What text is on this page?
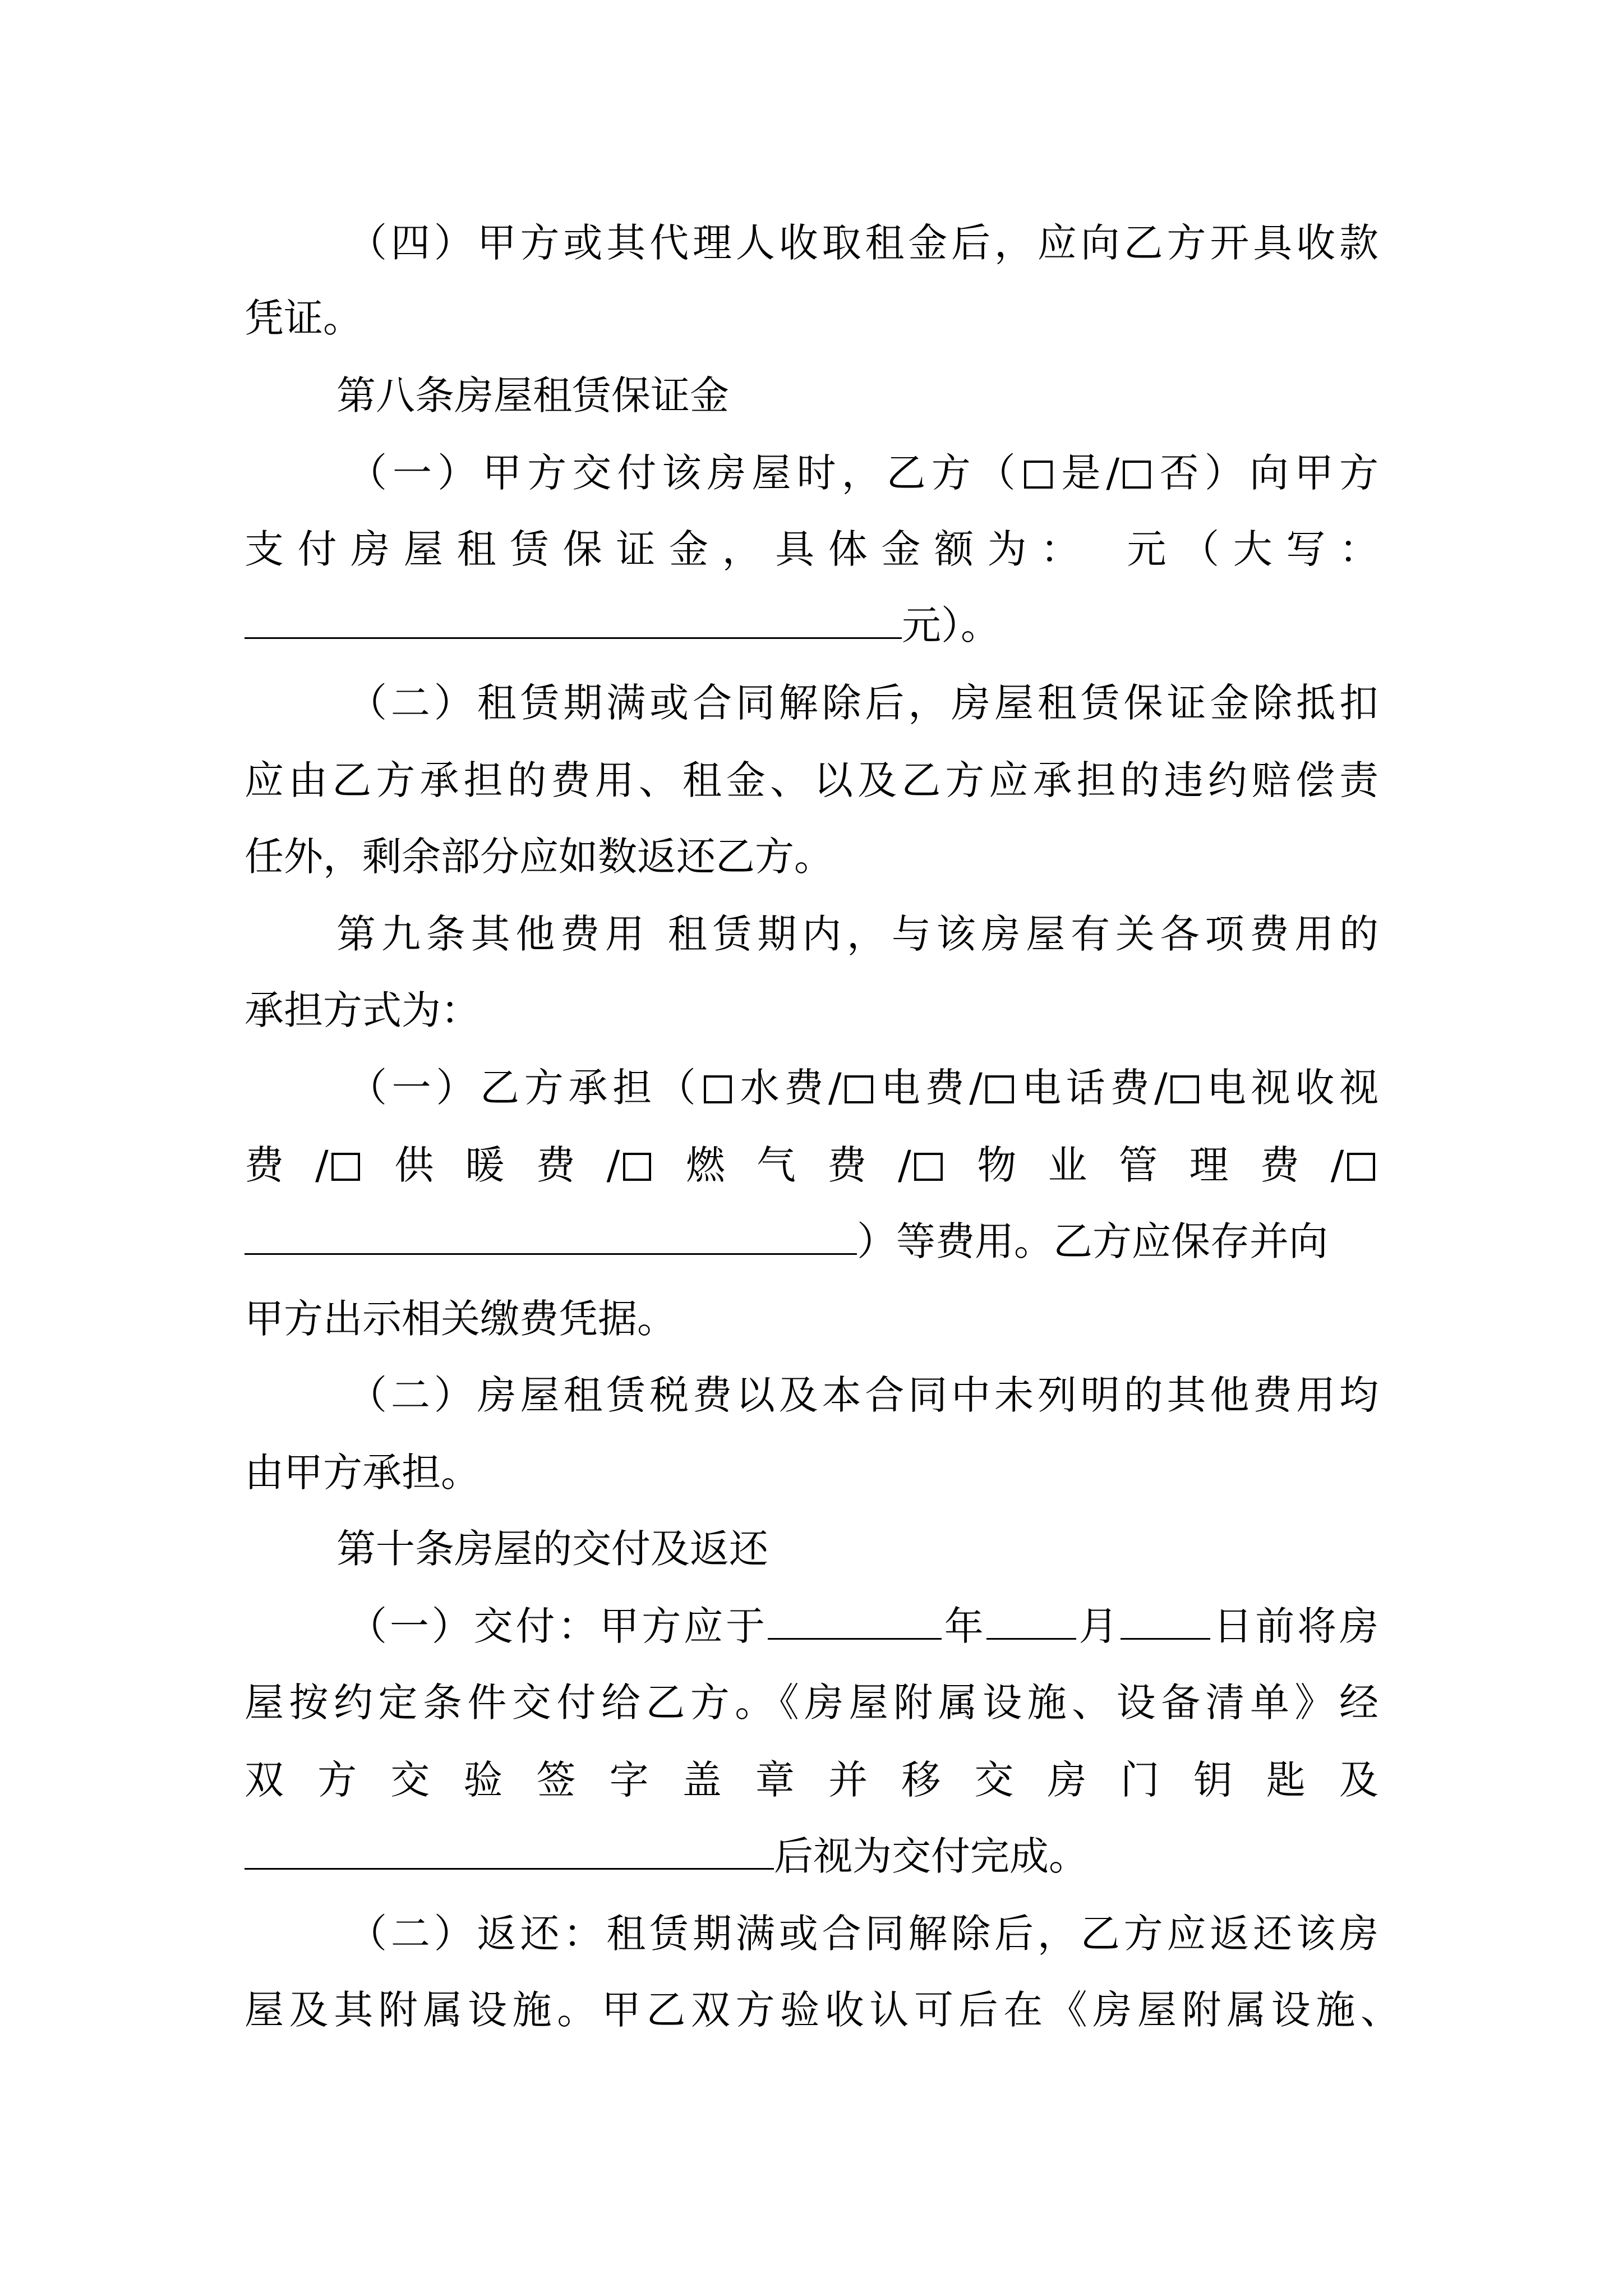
（四）甲方或其代理人收取租金后，应向乙方开具收款
凭证。
第八条房屋租赁保证金
（一）甲方交付该房屋时，乙方（ 是/ 否）向甲方
支付房屋租赁保证金，具体金额为：　元（大写：
元）。
（二）租赁期满或合同解除后，房屋租赁保证金除抵扣
应由乙方承担的费用、租金、以及乙方应承担的违约赔偿责
任外，剩余部分应如数返还乙方。
第九条其他费用 租赁期内，与该房屋有关各项费用的
承担方式为：
（一）乙方承担（ 水费/ 电费/ 电话费/ 电视收视
费/ 供暖费/ 燃气费/ 物业管理费/
）等费用。乙方应保存并向
甲方出示相关缴费凭据。
（二）房屋租赁税费以及本合同中未列明的其他费用均
由甲方承担。
第十条房屋的交付及返还
（一）交付：甲方应于	年 月 日前将房
屋按约定条件交付给乙方。《房屋附属设施、设备清单》经
双方交验签字盖章并移交房门钥匙及
后视为交付完成。
（二）返还：租赁期满或合同解除后，乙方应返还该房
屋及其附属设施。甲乙双方验收认可后在《房屋附属设施、
